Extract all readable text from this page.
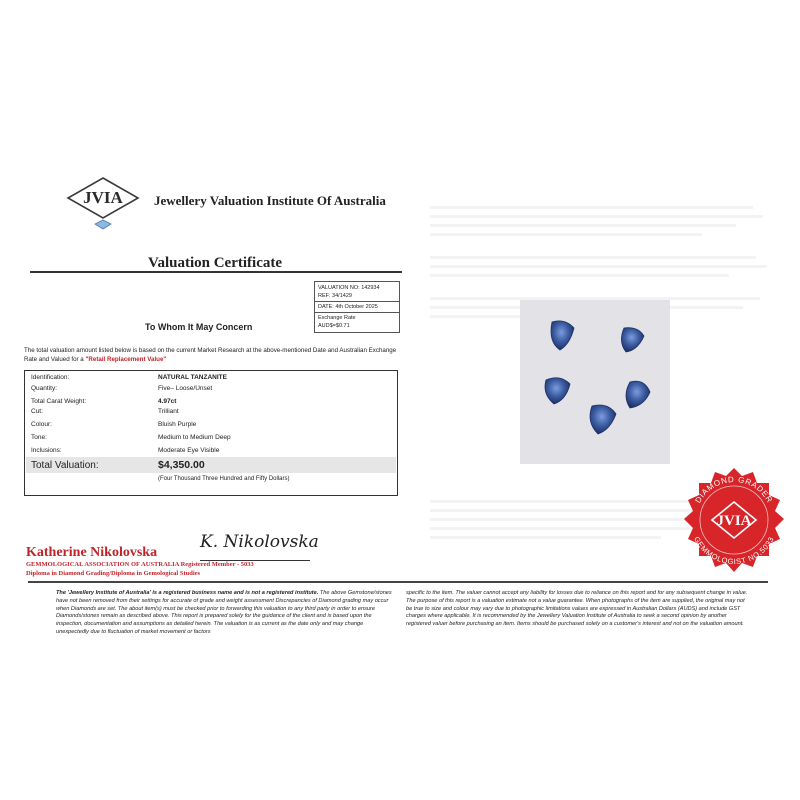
JVIA Jewellery Valuation Institute Of Australia
Valuation Certificate
VALUATION NO: 142934
REF: 34/1429
DATE: 4th October 2025
Exchange Rate
AUD$=$0.71
To Whom It May Concern
The total valuation amount listed below is based on the current Market Research at the above-mentioned Date and Australian Exchange Rate and Valued for a "Retail Replacement Value"
Identification:	NATURAL TANZANITE
Quantity:	Five– Loose/Unset
Total Carat Weight:	4.97ct
Cut:	Trilliant
Colour:	Bluish Purple
Tone:	Medium to Medium Deep
Inclusions:	Moderate Eye Visible
Total Valuation:	$4,350.00
(Four Thousand Three Hundred and Fifty Dollars)
Katherine Nikolovska
K. Nikolovska
GEMMOLOGICAL ASSOCIATION OF AUSTRALIA Registered Member - 5033
Diploma in Diamond Grading/Diploma in Gemological Studies
The 'Jewellery Institute of Australia' is a registered business name and is not a registered institute. The above Gemstone/stones have not been removed from their settings for accurate of grade and weight assessment Discrepancies of Diamond grading may occur when Diamonds are set. The about item(s) must be checked prior to forwarding this valuation to any third party in order to ensure Diamonds/stones remain as described above. This report is prepared solely for the guidance of the client and is based upon the inspection, documentation and assumptions as detailed herein. The valuation is as current as the date only and may change unexpectedly due to fluctuation of market movement or factors
specific to the item. The valuer cannot accept any liability for losses due to reliance on this report and for any subsequent change in value. The purpose of this report is a valuation estimate not a value guarantee. When photographs of the item are supplied, the original may not be true to size and colour may vary due to photographic limitations values are expressed in Australian Dollars (AUDS) and include GST charges where applicable. It is recommended by the Jewellery Valuation Institute of Australia to seek a second opinion by another registered valuer before purchasing an item. Items should be purchased solely on a customer's interest and not on the valuation amount.
DIAMOND GRADER
GEMMOLOGIST NO.5033
JVIA
